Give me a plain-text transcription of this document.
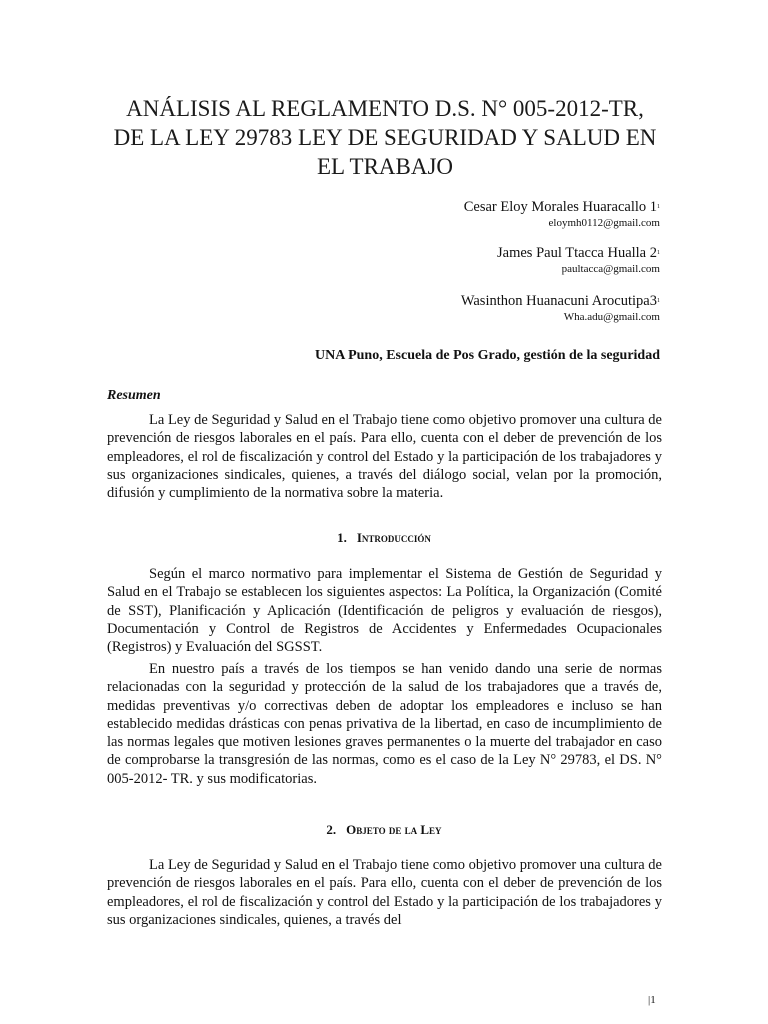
ANÁLISIS AL REGLAMENTO D.S. N° 005-2012-TR,
DE LA LEY 29783 LEY DE SEGURIDAD Y SALUD EN
EL TRABAJO
Cesar Eloy Morales Huaracallo $1^1$
eloymh0112@gmail.com
James Paul Ttacca Hualla $2^1$
paultacca@gmail.com
Wasinthon Huanacuni $Arocutipa3^1$
Wha.adu@gmail.com
UNA Puno, Escuela de Pos Grado, gestión de la seguridad
Resumen

La Ley de Seguridad y Salud en el Trabajo tiene como objetivo promover una cultura de prevención de riesgos laborales en el país. Para ello, cuenta con el deber de prevención de los empleadores, el rol de fiscalización y control del Estado y la participación de los trabajadores y sus organizaciones sindicales, quienes, a través del diálogo social, velan por la promoción, difusión y cumplimiento de la normativa sobre la materia.

1. Introducción

Según el marco normativo para implementar el Sistema de Gestión de Seguridad y Salud en el Trabajo se establecen los siguientes aspectos: La Política, la Organización (Comité de SST), Planificación y Aplicación (Identificación de peligros y evaluación de riesgos), Documentación y Control de Registros de Accidentes y Enfermedades Ocupacionales (Registros) y Evaluación del SGSST.

En nuestro país a través de los tiempos se han venido dando una serie de normas relacionadas con la seguridad y protección de la salud de los trabajadores que a través de, medidas preventivas y/o correctivas deben de adoptar los empleadores e incluso se han establecido medidas drásticas con penas privativa de la libertad, en caso de incumplimiento de las normas legales que motiven lesiones graves permanentes o la muerte del trabajador en caso de comprobarse la transgresión de las normas, como es el caso de la Ley N° 29783, el DS. N° 005-2012- TR. y sus modificatorias.

2. Objeto de la Ley

La Ley de Seguridad y Salud en el Trabajo tiene como objetivo promover una cultura de prevención de riesgos laborales en el país. Para ello, cuenta con el deber de prevención de los empleadores, el rol de fiscalización y control del Estado y la participación de los trabajadores y sus organizaciones sindicales, quienes, a través del

|1
